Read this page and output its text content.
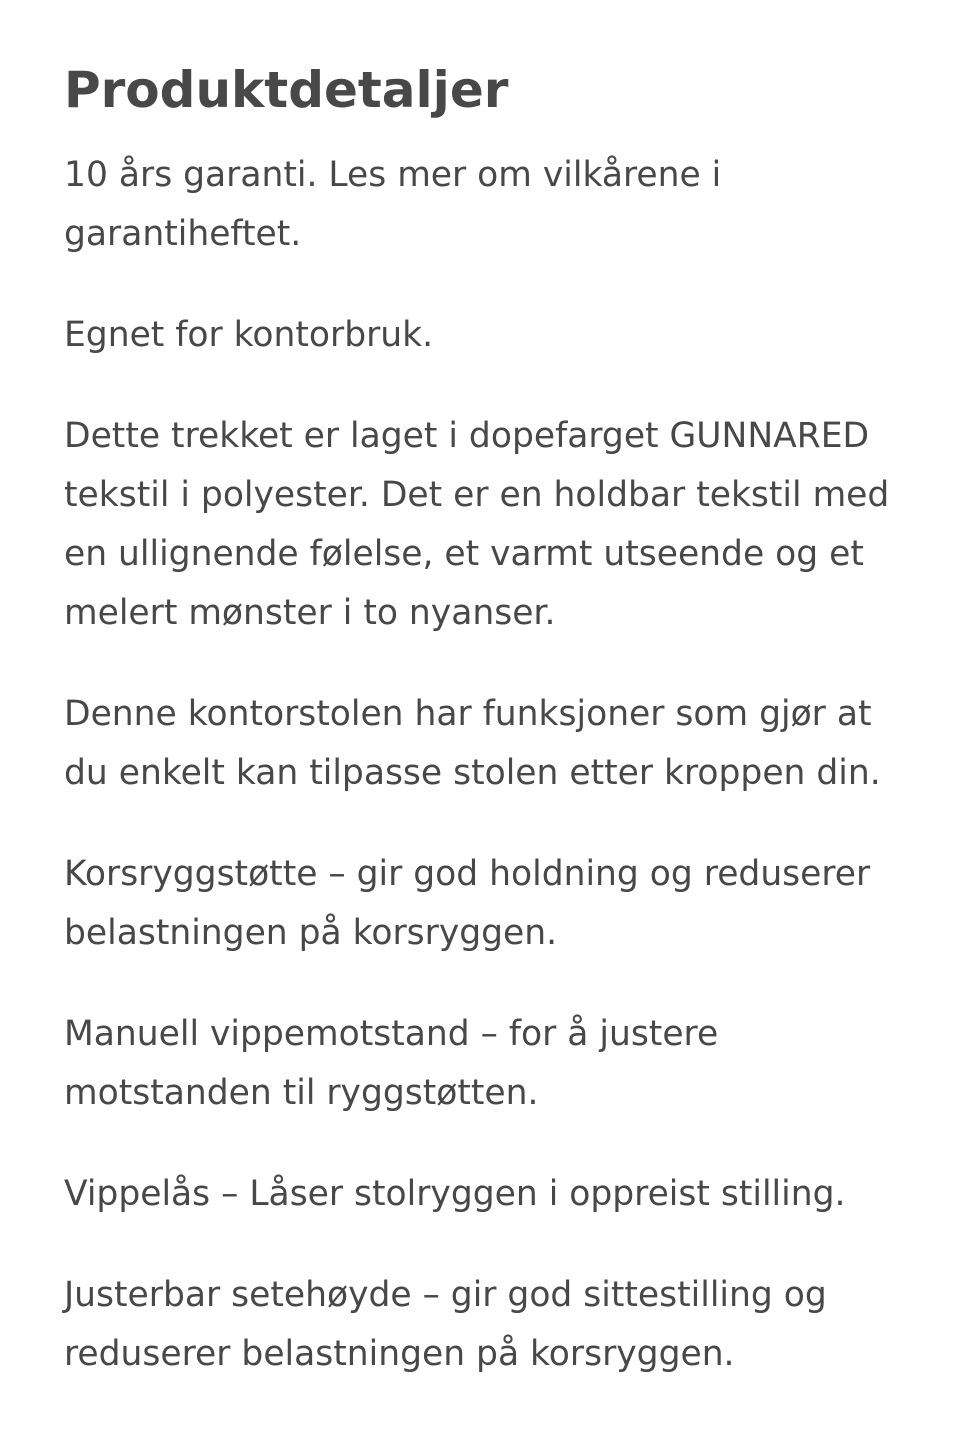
Produktdetaljer

10 års garanti. Les mer om vilkårene i garantiheftet.

Egnet for kontorbruk.

Dette trekket er laget i dopefarget GUNNARED tekstil i polyester. Det er en holdbar tekstil med en ullignende følelse, et varmt utseende og et melert mønster i to nyanser.

Denne kontorstolen har funksjoner som gjør at du enkelt kan tilpasse stolen etter kroppen din.

Korsryggstøtte – gir god holdning og reduserer belastningen på korsryggen.

Manuell vippemotstand – for å justere motstanden til ryggstøtten.

Vippelås – Låser stolryggen i oppreist stilling.

Justerbar setehøyde – gir god sittestilling og reduserer belastningen på korsryggen.
